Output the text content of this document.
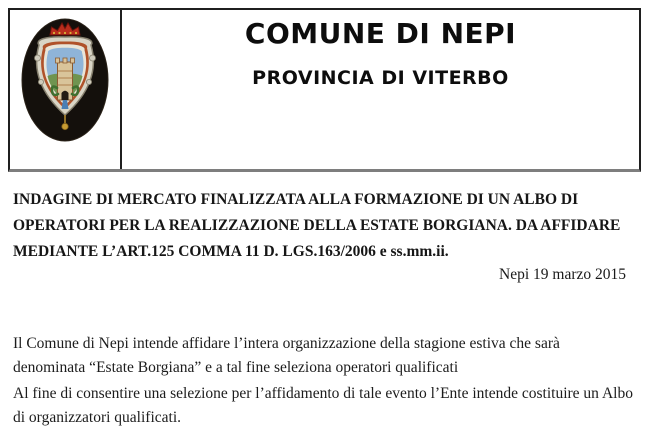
COMUNE DI NEPI
PROVINCIA DI VITERBO
INDAGINE DI MERCATO FINALIZZATA ALLA FORMAZIONE DI UN ALBO DI
OPERATORI PER LA REALIZZAZIONE DELLA ESTATE BORGIANA. DA AFFIDARE
MEDIANTE L’ART.125 COMMA 11 D. LGS.163/2006 e ss.mm.ii.
Nepi 19 marzo 2015
Il Comune di Nepi intende affidare l’intera organizzazione della stagione estiva che sarà
denominata “Estate Borgiana” e a tal fine seleziona operatori qualificati
Al fine di consentire una selezione per l’affidamento di tale evento l’Ente intende costituire un Albo
di organizzatori qualificati.
